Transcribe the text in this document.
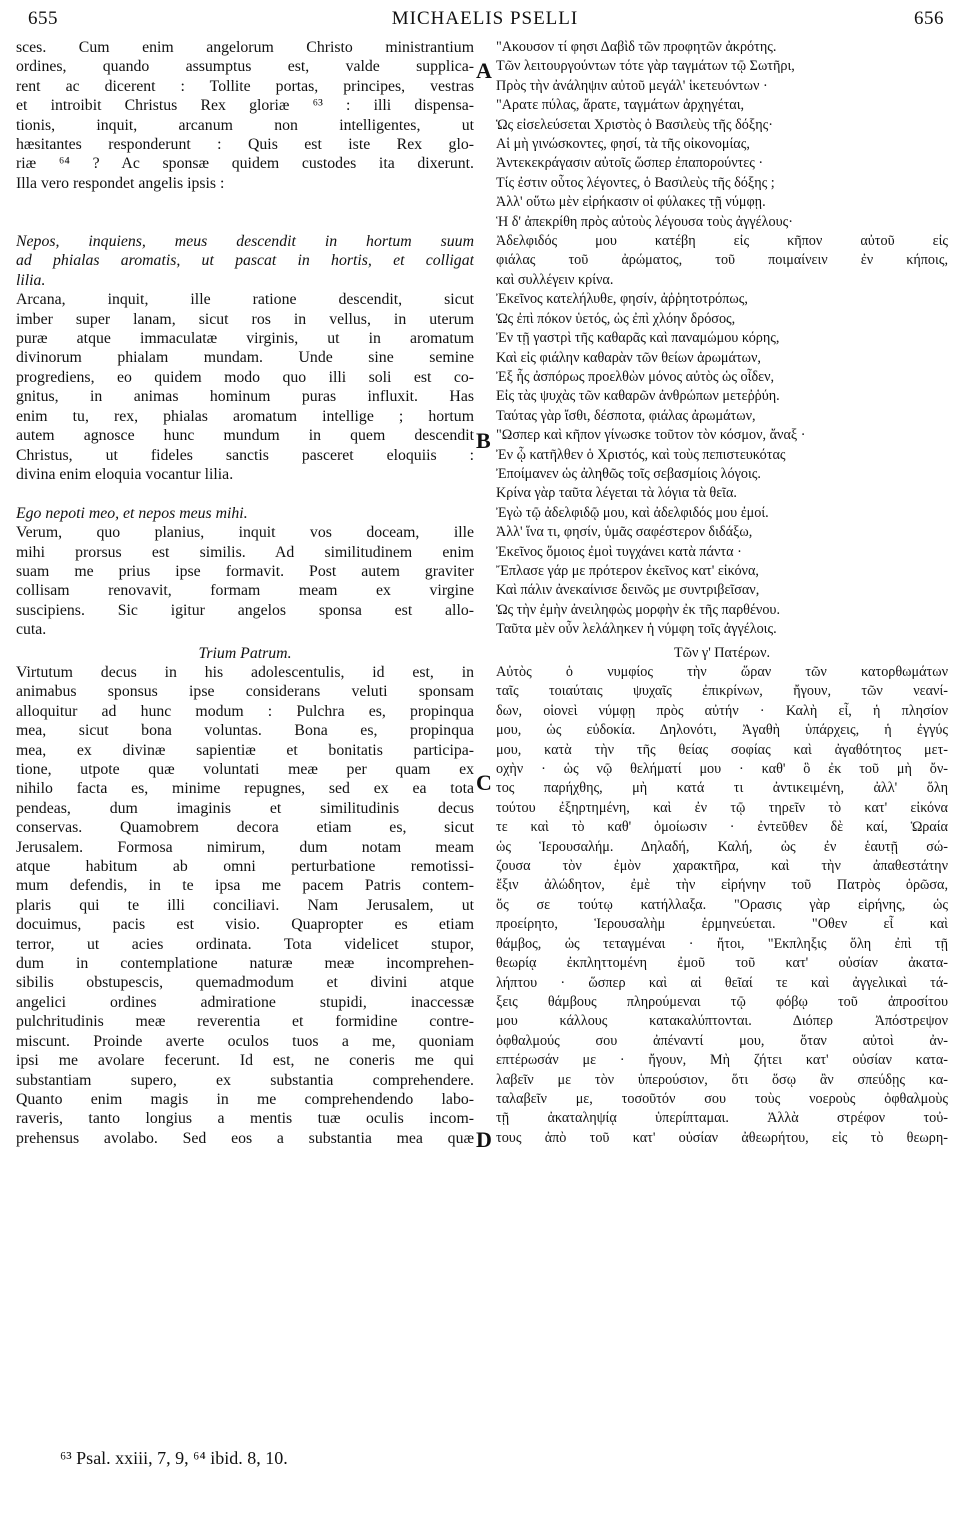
655	MICHAELIS PSELLI	656
A
B
C
D
sces. Cum enim angelorum Christo ministrantium
ordines, quando assumptus est, valde supplica-
rent ac dicerent : Tollite portas, principes, vestras
et introibit Christus Rex gloriæ ⁶³ : illi dispensa-
tionis, inquit, arcanum non intelligentes, ut
hæsitantes responderunt : Quis est iste Rex glo-
riæ ⁶⁴ ? Ac sponsæ quidem custodes ita dixerunt.
Illa vero respondet angelis ipsis :
Nepos, inquiens, meus descendit in hortum suum
ad phialas aromatis, ut pascat in hortis, et colligat
lilia.
Arcana, inquit, ille ratione descendit, sicut
imber super lanam, sicut ros in vellus, in uterum
puræ atque immaculatæ virginis, ut in aromatum
divinorum phialam mundam. Unde sine semine
progrediens, eo quidem modo quo illi soli est co-
gnitus, in animas hominum puras influxit. Has
enim tu, rex, phialas aromatum intellige ; hortum
autem agnosce hunc mundum in quem descendit
Christus, ut fideles sanctis pasceret eloquiis :
divina enim eloquia vocantur lilia.
Ego nepoti meo, et nepos meus mihi.
Verum, quo planius, inquit vos doceam, ille
mihi prorsus est similis. Ad similitudinem enim
suam me prius ipse formavit. Post autem graviter
collisam renovavit, formam meam ex virgine
suscipiens. Sic igitur angelos sponsa est allo-
cuta.
Trium Patrum.
Virtutum decus in his adolescentulis, id est, in
animabus sponsus ipse considerans veluti sponsam
alloquitur ad hunc modum : Pulchra es, propinqua
mea, sicut bona voluntas. Bona es, propinqua
mea, ex divinæ sapientiæ et bonitatis participa-
tione, utpote quæ voluntati meæ per quam ex
nihilo facta es, minime repugnes, sed ex ea tota
pendeas, dum imaginis et similitudinis decus
conservas. Quamobrem decora etiam es, sicut
Jerusalem. Formosa nimirum, dum notam meam
atque habitum ab omni perturbatione remotissi-
mum defendis, in te ipsa me pacem Patris contem-
plaris qui te illi conciliavi. Nam Jerusalem, ut
docuimus, pacis est visio. Quapropter es etiam
terror, ut acies ordinata. Tota videlicet stupor,
dum in contemplatione naturæ meæ incomprehen-
sibilis obstupescis, quemadmodum et divini atque
angelici ordines admiratione stupidi, inaccessæ
pulchritudinis meæ reverentia et formidine contre-
miscunt. Proinde averte oculos tuos a me, quoniam
ipsi me avolare fecerunt. Id est, ne coneris me qui
substantiam supero, ex substantia comprehendere.
Quanto enim magis in me comprehendendo labo-
raveris, tanto longius a mentis tuæ oculis incom-
prehensus avolabo. Sed eos a substantia mea quæ
"Ακουσον τί φησι Δαβὶδ τῶν προφητῶν ἀκρότης.
Τῶν λειτουργούντων τότε γὰρ ταγμάτων τῷ Σωτῆρι,
Πρὸς τὴν ἀνάληψιν αὐτοῦ μεγάλ' ἱκετευόντων ·
"Αρατε πύλας, ἄρατε, ταγμάτων ἀρχηγέται,
Ὡς εἰσελεύσεται Χριστὸς ὁ Βασιλεὺς τῆς δόξης·
Αἱ μὴ γινώσκοντες, φησί, τὰ τῆς οἰκονομίας,
Ἀντεκεκράγασιν αὐτοῖς ὥσπερ ἐπαπορούντες ·
Τίς ἐστιν οὗτος λέγοντες, ὁ Βασιλεὺς τῆς δόξης ;
Ἀλλ' οὕτω μὲν εἰρήκασιν οἱ φύλακες τῇ νύμφῃ.
Ἡ δ' ἀπεκρίθη πρὸς αὐτοὺς λέγουσα τοὺς ἀγγέλους·
Ἀδελφιδός μου κατέβη εἰς κῆπον αὐτοῦ εἰς
φιάλας τοῦ ἀρώματος, τοῦ ποιμαίνειν ἐν κήποις,
καὶ συλλέγειν κρίνα.
Ἐκεῖνος κατελήλυθε, φησίν, ἀῤῥητοτρόπως,
Ὡς ἐπὶ πόκον ὑετός, ὡς ἐπὶ χλόην δρόσος,
Ἐν τῇ γαστρὶ τῆς καθαρᾶς καὶ παναμώμου κόρης,
Καὶ εἰς φιάλην καθαρὰν τῶν θείων ἀρωμάτων,
Ἐξ ἧς ἀσπόρως προελθὼν μόνος αὐτὸς ὡς οἶδεν,
Εἰς τὰς ψυχὰς τῶν καθαρῶν ἀνθρώπων μετεῤῥύη.
Ταύτας γὰρ ἴσθι, δέσποτα, φιάλας ἀρωμάτων,
"Ωσπερ καὶ κῆπον γίνωσκε τοῦτον τὸν κόσμον, ἄναξ ·
Ἐν ᾧ κατῆλθεν ὁ Χριστός, καὶ τοὺς πεπιστευκότας
Ἐποίμανεν ὡς ἀληθῶς τοῖς σεβασμίοις λόγοις.
Κρίνα γὰρ ταῦτα λέγεται τὰ λόγια τὰ θεῖα.
Ἐγὼ τῷ ἀδελφιδῷ μου, καὶ ἀδελφιδός μου ἐμοί.
Ἀλλ' ἵνα τι, φησίν, ὑμᾶς σαφέστερον διδάξω,
Ἐκεῖνος ὅμοιος ἐμοὶ τυγχάνει κατὰ πάντα ·
Ἔπλασε γάρ με πρότερον ἐκεῖνος κατ' εἰκόνα,
Καὶ πάλιν ἀνεκαίνισε δεινῶς με συντριβεῖσαν,
Ὡς τὴν ἐμὴν ἀνειληφὼς μορφὴν ἐκ τῆς παρθένου.
Ταῦτα μὲν οὖν λελάληκεν ἡ νύμφη τοῖς ἀγγέλοις.
Τῶν γ' Πατέρων.
Αὐτὸς ὁ νυμφίος τὴν ὥραν τῶν κατορθωμάτων
ταῖς τοιαύταις ψυχαῖς ἐπικρίνων, ἤγουν, τῶν νεανί-
δων, οἱονεὶ νύμφῃ πρὸς αὐτήν · Καλὴ εἶ, ἡ πλησίον
μου, ὡς εὐδοκία. Δηλονότι, Ἀγαθὴ ὑπάρχεις, ἡ ἐγγύς
μου, κατὰ τὴν τῆς θείας σοφίας καὶ ἀγαθότητος μετ-
οχὴν · ὡς νῷ θελήματί μου · καθ' ὃ ἐκ τοῦ μὴ ὄν-
τος παρήχθης, μὴ κατά τι ἀντικειμένη, ἀλλ' ὅλη
τούτου ἐξηρτημένη, καὶ ἐν τῷ τηρεῖν τὸ κατ' εἰκόνα
τε καὶ τὸ καθ' ὁμοίωσιν · ἐντεῦθεν δὲ καί, Ὡραία
ὡς Ἱερουσαλήμ. Δηλαδή, Καλή, ὡς ἐν ἑαυτῇ σώ-
ζουσα τὸν ἐμὸν χαρακτῆρα, καὶ τὴν ἀπαθεστάτην
ἕξιν ἀλώδητον, ἐμὲ τὴν εἰρήνην τοῦ Πατρὸς ὁρῶσα,
ὅς σε τούτῳ κατήλλαξα. "Ορασις γὰρ εἰρήνης, ὡς
προείρητο, Ἱερουσαλὴμ ἑρμηνεύεται. "Οθεν εἶ καὶ
θάμβος, ὡς τεταγμέναι · ἤτοι, "Εκπληξις ὅλη ἐπὶ τῇ
θεωρίᾳ ἐκπληττομένη ἐμοῦ τοῦ κατ' οὐσίαν ἀκατα-
λήπτου · ὥσπερ καὶ αἱ θεῖαί τε καὶ ἀγγελικαὶ τά-
ξεις θάμβους πληρούμεναι τῷ φόβῳ τοῦ ἀπροσίτου
μου κάλλους κατακαλύπτονται. Διόπερ Ἀπόστρεψον
ὀφθαλμούς σου ἀπέναντί μου, ὅταν αὐτοὶ ἀν-
επτέρωσάν με · ἤγουν, Μὴ ζήτει κατ' οὐσίαν κατα-
λαβεῖν με τὸν ὑπερούσιον, ὅτι ὅσῳ ἂν σπεύδῃς κα-
ταλαβεῖν με, τοσοῦτόν σου τοὺς νοεροὺς ὀφθαλμοὺς
τῇ ἀκαταληψίᾳ ὑπερίπταμαι. Ἀλλὰ στρέφον τοὐ-
τους ἀπὸ τοῦ κατ' οὐσίαν ἀθεωρήτου, εἰς τὸ θεωρη-
⁶³ Psal. xxiii, 7, 9, ⁶⁴ ibid. 8, 10.
